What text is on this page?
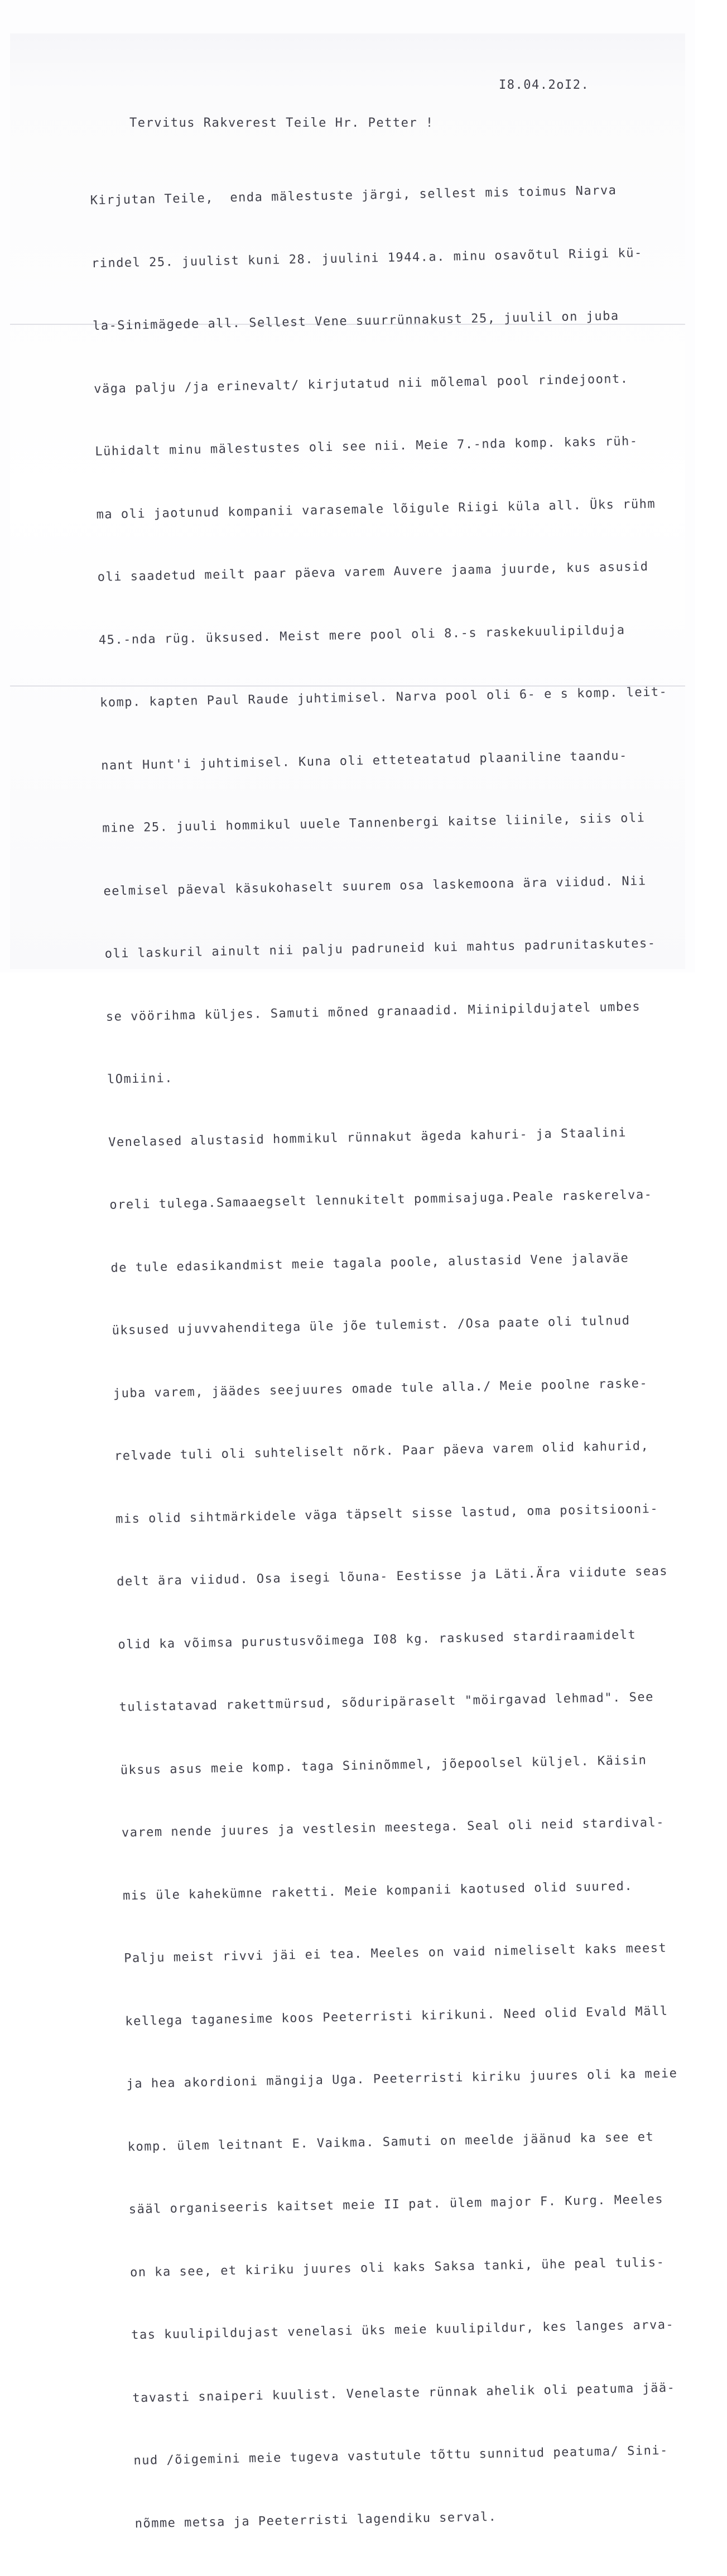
I8.04.2oI2.
Tervitus Rakverest Teile Hr. Petter !

Kirjutan Teile,  enda mälestuste järgi, sellest mis toimus Narva

rindel 25. juulist kuni 28. juulini 1944.a. minu osavõtul Riigi kü-

la-Sinimägede all. Sellest Vene suurrünnakust 25, juulil on juba

väga palju /ja erinevalt/ kirjutatud nii mõlemal pool rindejoont.

Lühidalt minu mälestustes oli see nii. Meie 7.-nda komp. kaks rüh-

ma oli jaotunud kompanii varasemale lõigule Riigi küla all. Üks rühm

oli saadetud meilt paar päeva varem Auvere jaama juurde, kus asusid

45.-nda rüg. üksused. Meist mere pool oli 8.-s raskekuulipilduja

komp. kapten Paul Raude juhtimisel. Narva pool oli 6- e s komp. leit-

nant Hunt'i juhtimisel. Kuna oli etteteatatud plaaniline taandu-

mine 25. juuli hommikul uuele Tannenbergi kaitse liinile, siis oli

eelmisel päeval käsukohaselt suurem osa laskemoona ära viidud. Nii

oli laskuril ainult nii palju padruneid kui mahtus padrunitaskutes-

se vöörihma küljes. Samuti mõned granaadid. Miinipildujatel umbes

lOmiini.

Venelased alustasid hommikul rünnakut ägeda kahuri- ja Staalini

oreli tulega.Samaaegselt lennukitelt pommisajuga.Peale raskerelva-

de tule edasikandmist meie tagala poole, alustasid Vene jalaväe

üksused ujuvvahenditega üle jõe tulemist. /Osa paate oli tulnud

juba varem, jäädes seejuures omade tule alla./ Meie poolne raske-

relvade tuli oli suhteliselt nõrk. Paar päeva varem olid kahurid,

mis olid sihtmärkidele väga täpselt sisse lastud, oma positsiooni-

delt ära viidud. Osa isegi lõuna- Eestisse ja Läti.Ära viidute seas

olid ka võimsa purustusvõimega I08 kg. raskused stardiraamidelt

tulistatavad rakettmürsud, sõduripäraselt "möirgavad lehmad". See

üksus asus meie komp. taga Sininõmmel, jõepoolsel küljel. Käisin

varem nende juures ja vestlesin meestega. Seal oli neid stardival-

mis üle kahekümne raketti. Meie kompanii kaotused olid suured.

Palju meist rivvi jäi ei tea. Meeles on vaid nimeliselt kaks meest

kellega taganesime koos Peeterristi kirikuni. Need olid Evald Mäll

ja hea akordioni mängija Uga. Peeterristi kiriku juures oli ka meie

komp. ülem leitnant E. Vaikma. Samuti on meelde jäänud ka see et

sääl organiseeris kaitset meie II pat. ülem major F. Kurg. Meeles

on ka see, et kiriku juures oli kaks Saksa tanki, ühe peal tulis-

tas kuulipildujast venelasi üks meie kuulipildur, kes langes arva-

tavasti snaiperi kuulist. Venelaste rünnak ahelik oli peatuma jää-

nud /õigemini meie tugeva vastutule tõttu sunnitud peatuma/ Sini-

nõmme metsa ja Peeterristi lagendiku serval.
